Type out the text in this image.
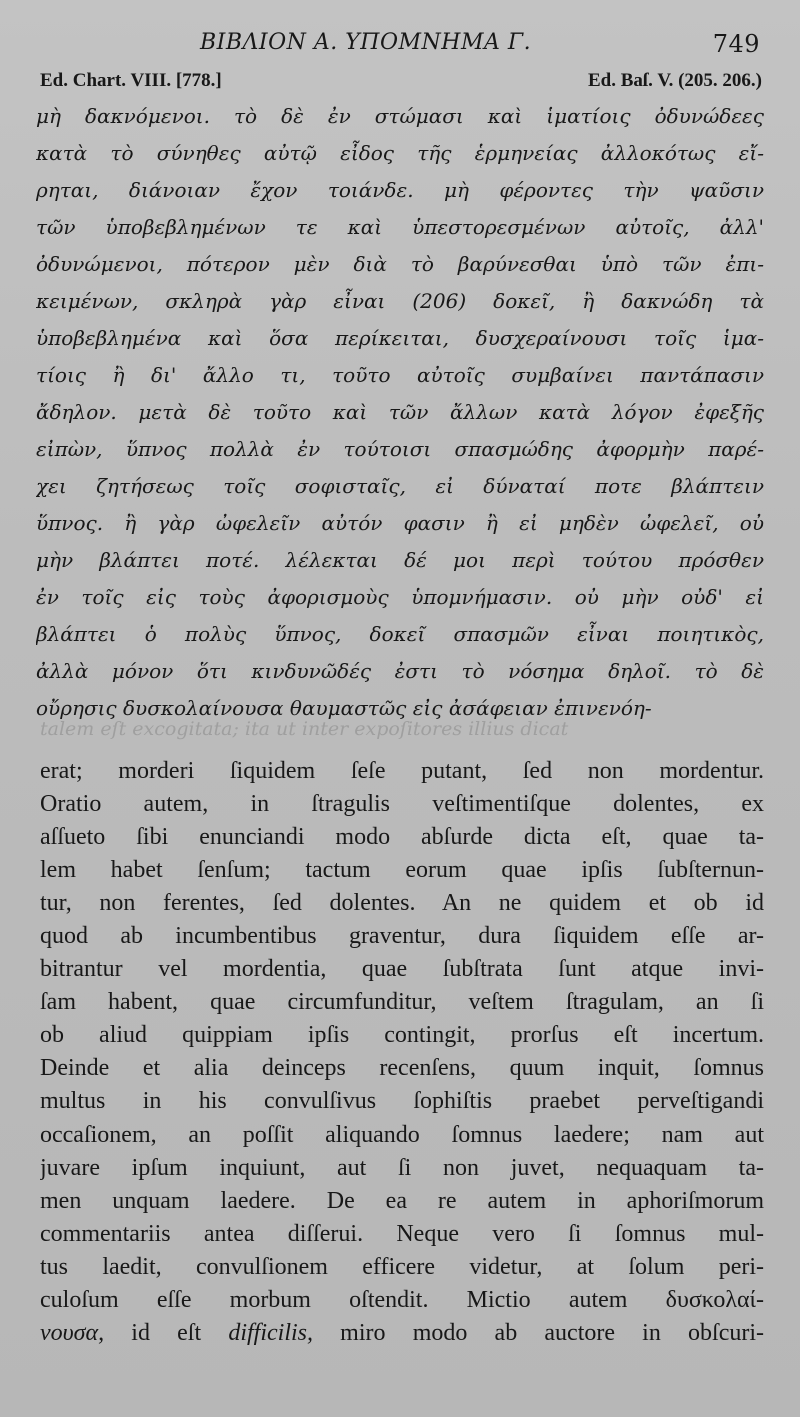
talem eſt excogitata; ita ut inter expoſitores illius dicat
ΒΙΒΛΙΟΝ Α. ΥΠΟΜΝΗΜΑ Γ.	749
Ed. Chart. VIII. [778.]	Ed. Baſ. V. (205. 206.)
μὴ δακνόμενοι. τὸ δὲ ἐν στώμασι καὶ ἱματίοις ὀδυνώδεες
κατὰ τὸ σύνηθες αὐτῷ εἶδος τῆς ἑρμηνείας ἀλλοκότως εἴ-
ρηται, διάνοιαν ἔχον τοιάνδε. μὴ φέροντες τὴν ψαῦσιν
τῶν ὑποβεβλημένων τε καὶ ὑπεστορεσμένων αὐτοῖς, ἀλλ'
ὀδυνώμενοι, πότερον μὲν διὰ τὸ βαρύνεσθαι ὑπὸ τῶν ἐπι-
κειμένων, σκληρὰ γὰρ εἶναι (206) δοκεῖ, ἢ δακνώδη τὰ
ὑποβεβλημένα καὶ ὅσα περίκειται, δυσχεραίνουσι τοῖς ἱμα-
τίοις ἢ δι' ἄλλο τι, τοῦτο αὐτοῖς συμβαίνει παντάπασιν
ἄδηλον. μετὰ δὲ τοῦτο καὶ τῶν ἄλλων κατὰ λόγον ἐφεξῆς
εἰπὼν, ὕπνος πολλὰ ἐν τούτοισι σπασμώδης ἀφορμὴν παρέ-
χει ζητήσεως τοῖς σοφισταῖς, εἰ δύναταί ποτε βλάπτειν
ὕπνος. ἢ γὰρ ὠφελεῖν αὐτόν φασιν ἢ εἰ μηδὲν ὠφελεῖ, οὐ
μὴν βλάπτει ποτέ. λέλεκται δέ μοι περὶ τούτου πρόσθεν
ἐν τοῖς εἰς τοὺς ἀφορισμοὺς ὑπομνήμασιν. οὐ μὴν οὐδ' εἰ
βλάπτει ὁ πολὺς ὕπνος, δοκεῖ σπασμῶν εἶναι ποιητικὸς,
ἀλλὰ μόνον ὅτι κινδυνῶδές ἐστι τὸ νόσημα δηλοῖ. τὸ δὲ
οὔρησις δυσκολαίνουσα θαυμαστῶς εἰς ἀσάφειαν ἐπινενόη-
erat; morderi ſiquidem ſeſe putant, ſed non mordentur.
Oratio autem, in ſtragulis veſtimentiſque dolentes, ex
aſſueto ſibi enunciandi modo abſurde dicta eſt, quae ta-
lem habet ſenſum; tactum eorum quae ipſis ſubſternun-
tur, non ferentes, ſed dolentes. An ne quidem et ob id
quod ab incumbentibus graventur, dura ſiquidem eſſe ar-
bitrantur vel mordentia, quae ſubſtrata ſunt atque invi-
ſam habent, quae circumfunditur, veſtem ſtragulam, an ſi
ob aliud quippiam ipſis contingit, prorſus eſt incertum.
Deinde et alia deinceps recenſens, quum inquit, ſomnus
multus in his convulſivus ſophiſtis praebet perveſtigandi
occaſionem, an poſſit aliquando ſomnus laedere; nam aut
juvare ipſum inquiunt, aut ſi non juvet, nequaquam ta-
men unquam laedere. De ea re autem in aphoriſmorum
commentariis antea diſſerui. Neque vero ſi ſomnus mul-
tus laedit, convulſionem efficere videtur, at ſolum peri-
culoſum eſſe morbum oſtendit. Mictio autem δυσκολαί-
νουσα, id eſt difficilis, miro modo ab auctore in obſcuri-
